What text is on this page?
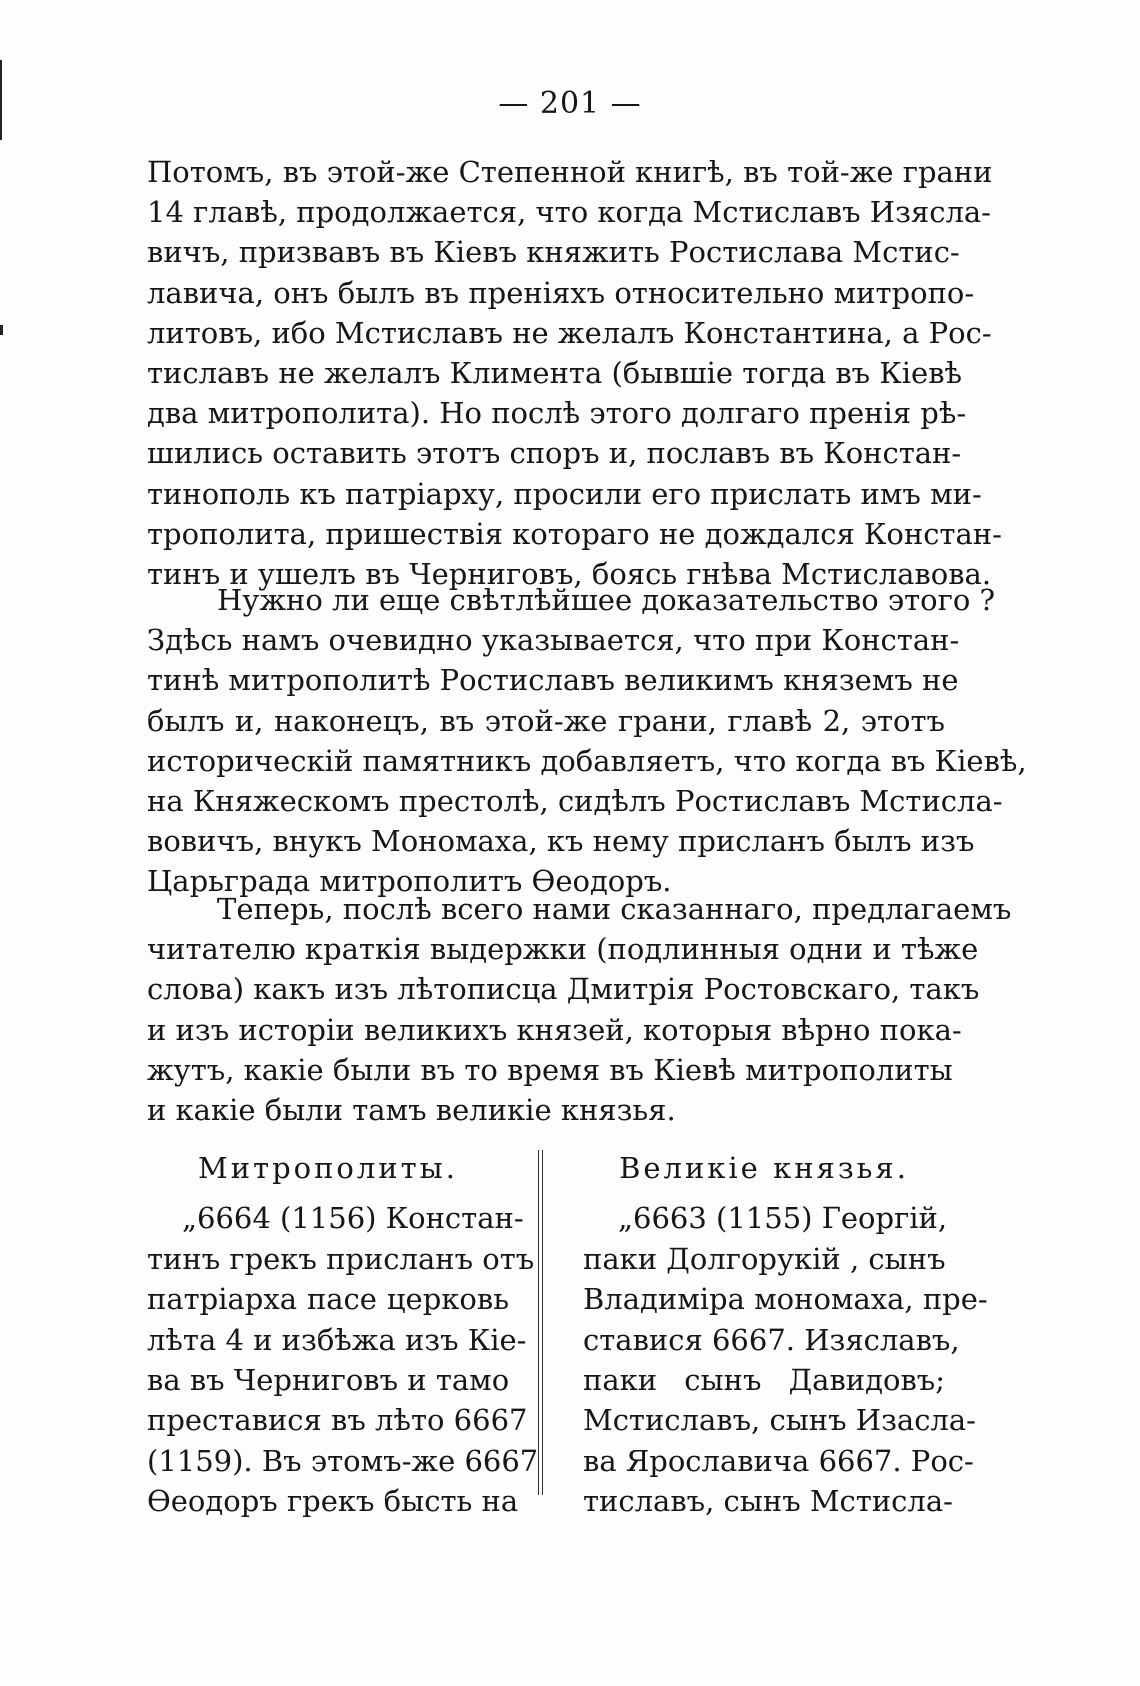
— 201 —
Потомъ, въ этой-же Степенной книгѣ, въ той-же грани
14 главѣ, продолжается, что когда Мстиславъ Изясла-
вичъ, призвавъ въ Кіевъ княжить Ростислава Мстис-
лавича, онъ былъ въ преніяхъ относительно митропо-
литовъ, ибо Мстиславъ не желалъ Константина, а Рос-
тиславъ не желалъ Климента (бывшіе тогда въ Кіевѣ
два митрополита). Но послѣ этого долгаго пренія рѣ-
шились оставить этотъ споръ и, пославъ въ Констан-
тинополь къ патріарху, просили его прислать имъ ми-
трополита, пришествія котораго не дождался Констан-
тинъ и ушелъ въ Черниговъ, боясь гнѣва Мстиславова.
Нужно ли еще свѣтлѣйшее доказательство этого ?
Здѣсь намъ очевидно указывается, что при Констан-
тинѣ митрополитѣ Ростиславъ великимъ княземъ не
былъ и, наконецъ, въ этой-же грани, главѣ 2, этотъ
историческій памятникъ добавляетъ, что когда въ Кіевѣ,
на Княжескомъ престолѣ, сидѣлъ Ростиславъ Мстисла-
вовичъ, внукъ Мономаха, къ нему присланъ былъ изъ
Царьграда митрополитъ Ѳеодоръ.
Теперь, послѣ всего нами сказаннаго, предлагаемъ
читателю краткія выдержки (подлинныя одни и тѣже
слова) какъ изъ лѣтописца Дмитрія Ростовскаго, такъ
и изъ исторіи великихъ князей, которыя вѣрно пока-
жутъ, какіе были въ то время въ Кіевѣ митрополиты
и какіе были тамъ великіе князья.
Митрополиты.
„6664 (1156) Констан-
тинъ грекъ присланъ отъ
патріарха пасе церковь
лѣта 4 и избѣжа изъ Кіе-
ва въ Черниговъ и тамо
преставися въ лѣто 6667
(1159). Въ этомъ-же 6667
Ѳеодоръ грекъ бысть на
Великіе князья.
„6663 (1155) Георгій,
паки Долгорукій , сынъ
Владиміра мономаха, пре-
ставися 6667. Изяславъ,
паки сынъ Давидовъ;
Мстиславъ, сынъ Изасла-
ва Ярославича 6667. Рос-
тиславъ, сынъ Мстисла-
